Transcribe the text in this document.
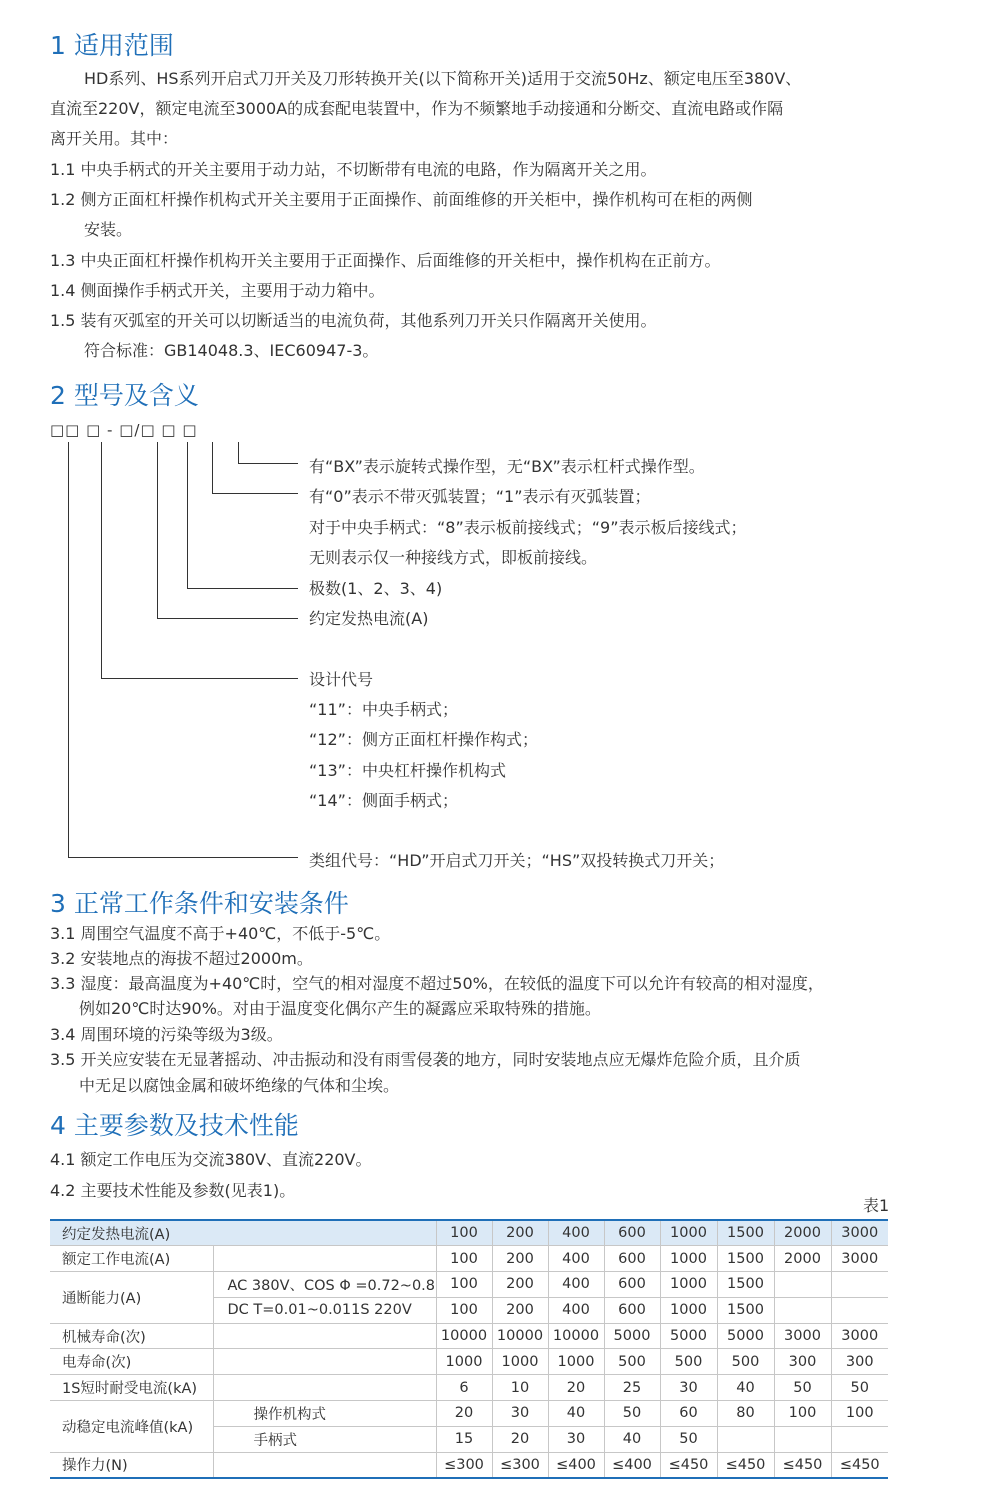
1 适用范围
HD系列、HS系列开启式刀开关及刀形转换开关(以下简称开关)适用于交流50Hz、额定电压至380V、
直流至220V，额定电流至3000A的成套配电装置中，作为不频繁地手动接通和分断交、直流电路或作隔
离开关用。其中：
1.1 中央手柄式的开关主要用于动力站，不切断带有电流的电路，作为隔离开关之用。
1.2 侧方正面杠杆操作机构式开关主要用于正面操作、前面维修的开关柜中，操作机构可在柜的两侧
安装。
1.3 中央正面杠杆操作机构开关主要用于正面操作、后面维修的开关柜中，操作机构在正前方。
1.4 侧面操作手柄式开关，主要用于动力箱中。
1.5 装有灭弧室的开关可以切断适当的电流负荷，其他系列刀开关只作隔离开关使用。
符合标准：GB14048.3、IEC60947-3。
2 型号及含义
□□ □ - □/□ □ □
有“BX”表示旋转式操作型，无“BX”表示杠杆式操作型。
有“0”表示不带灭弧装置；“1”表示有灭弧装置；
对于中央手柄式：“8”表示板前接线式；“9”表示板后接线式；
无则表示仅一种接线方式，即板前接线。
极数(1、2、3、4)
约定发热电流(A)
设计代号
“11”：中央手柄式；
“12”：侧方正面杠杆操作构式；
“13”：中央杠杆操作机构式
“14”：侧面手柄式；
类组代号：“HD”开启式刀开关；“HS”双投转换式刀开关；
3 正常工作条件和安装条件
3.1 周围空气温度不高于+40℃，不低于-5℃。
3.2 安装地点的海拔不超过2000m。
3.3 湿度：最高温度为+40℃时，空气的相对湿度不超过50%，在较低的温度下可以允许有较高的相对湿度，
例如20℃时达90%。对由于温度变化偶尔产生的凝露应采取特殊的措施。
3.4 周围环境的污染等级为3级。
3.5 开关应安装在无显著摇动、冲击振动和没有雨雪侵袭的地方，同时安装地点应无爆炸危险介质，且介质
中无足以腐蚀金属和破坏绝缘的气体和尘埃。
4 主要参数及技术性能
4.1 额定工作电压为交流380V、直流220V。
4.2 主要技术性能及参数(见表1)。
表1
约定发热电流(A)		100	200	400	600	1000	1500	2000	3000
额定工作电流(A)		100	200	400	600	1000	1500	2000	3000
通断能力(A)	AC 380V、COS Φ =0.72~0.8	100	200	400	600	1000	1500		
	DC T=0.01~0.011S 220V	100	200	400	600	1000	1500		
机械寿命(次)		10000	10000	10000	5000	5000	5000	3000	3000
电寿命(次)		1000	1000	1000	500	500	500	300	300
1S短时耐受电流(kA)		6	10	20	25	30	40	50	50
动稳定电流峰值(kA)	操作机构式	20	30	40	50	60	80	100	100
	手柄式	15	20	30	40	50			
操作力(N)		≤300	≤300	≤400	≤400	≤450	≤450	≤450	≤450
